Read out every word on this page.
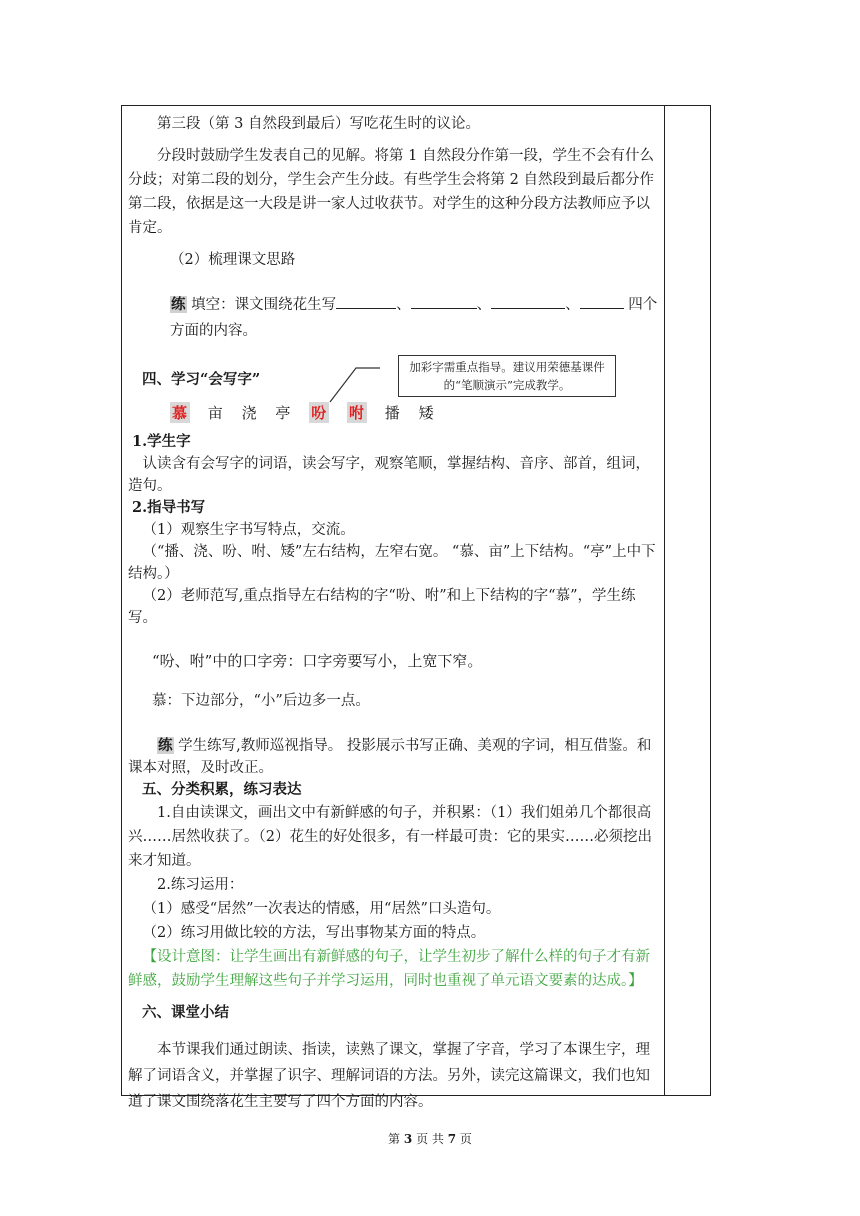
加彩字需重点指导。建议用荣德基课件的“笔顺演示”完成教学。

第三段（第 3 自然段到最后）写吃花生时的议论。

分段时鼓励学生发表自己的见解。将第 1 自然段分作第一段，学生不会有什么分歧；对第二段的划分，学生会产生分歧。有些学生会将第 2 自然段到最后都分作第二段，依据是这一大段是讲一家人过收获节。对学生的这种分段方法教师应予以肯定。

（2）梳理课文思路

练 填空：课文围绕花生写	、	、	、	四个方面的内容。

四、学习“会写字”

慕 亩 浇 亭 吩 咐 播 矮

1.学生字

认读含有会写字的词语，读会写字，观察笔顺，掌握结构、音序、部首，组词，造句。

2.指导书写

（1）观察生字书写特点，交流。

（“播、浇、吩、咐、矮”左右结构，左窄右宽。 “慕、亩”上下结构。“亭”上中下结构。）

（2）老师范写,重点指导左右结构的字“吩、咐”和上下结构的字“慕”，学生练写。

“吩、咐”中的口字旁：口字旁要写小，上宽下窄。

慕：下边部分，“小”后边多一点。

练 学生练写,教师巡视指导。 投影展示书写正确、美观的字词，相互借鉴。和课本对照，及时改正。

五、分类积累，练习表达

1.自由读课文，画出文中有新鲜感的句子，并积累：（1）我们姐弟几个都很高兴……居然收获了。（2）花生的好处很多，有一样最可贵：它的果实……必须挖出来才知道。

2.练习运用：

（1）感受“居然”一次表达的情感，用“居然”口头造句。

（2）练习用做比较的方法，写出事物某方面的特点。

【设计意图：让学生画出有新鲜感的句子，让学生初步了解什么样的句子才有新鲜感，鼓励学生理解这些句子并学习运用，同时也重视了单元语文要素的达成。】

六、课堂小结

本节课我们通过朗读、指读，读熟了课文，掌握了字音，学习了本课生字，理解了词语含义，并掌握了识字、理解词语的方法。另外，读完这篇课文，我们也知道了课文围绕落花生主要写了四个方面的内容。

第 3 页 共 7 页
